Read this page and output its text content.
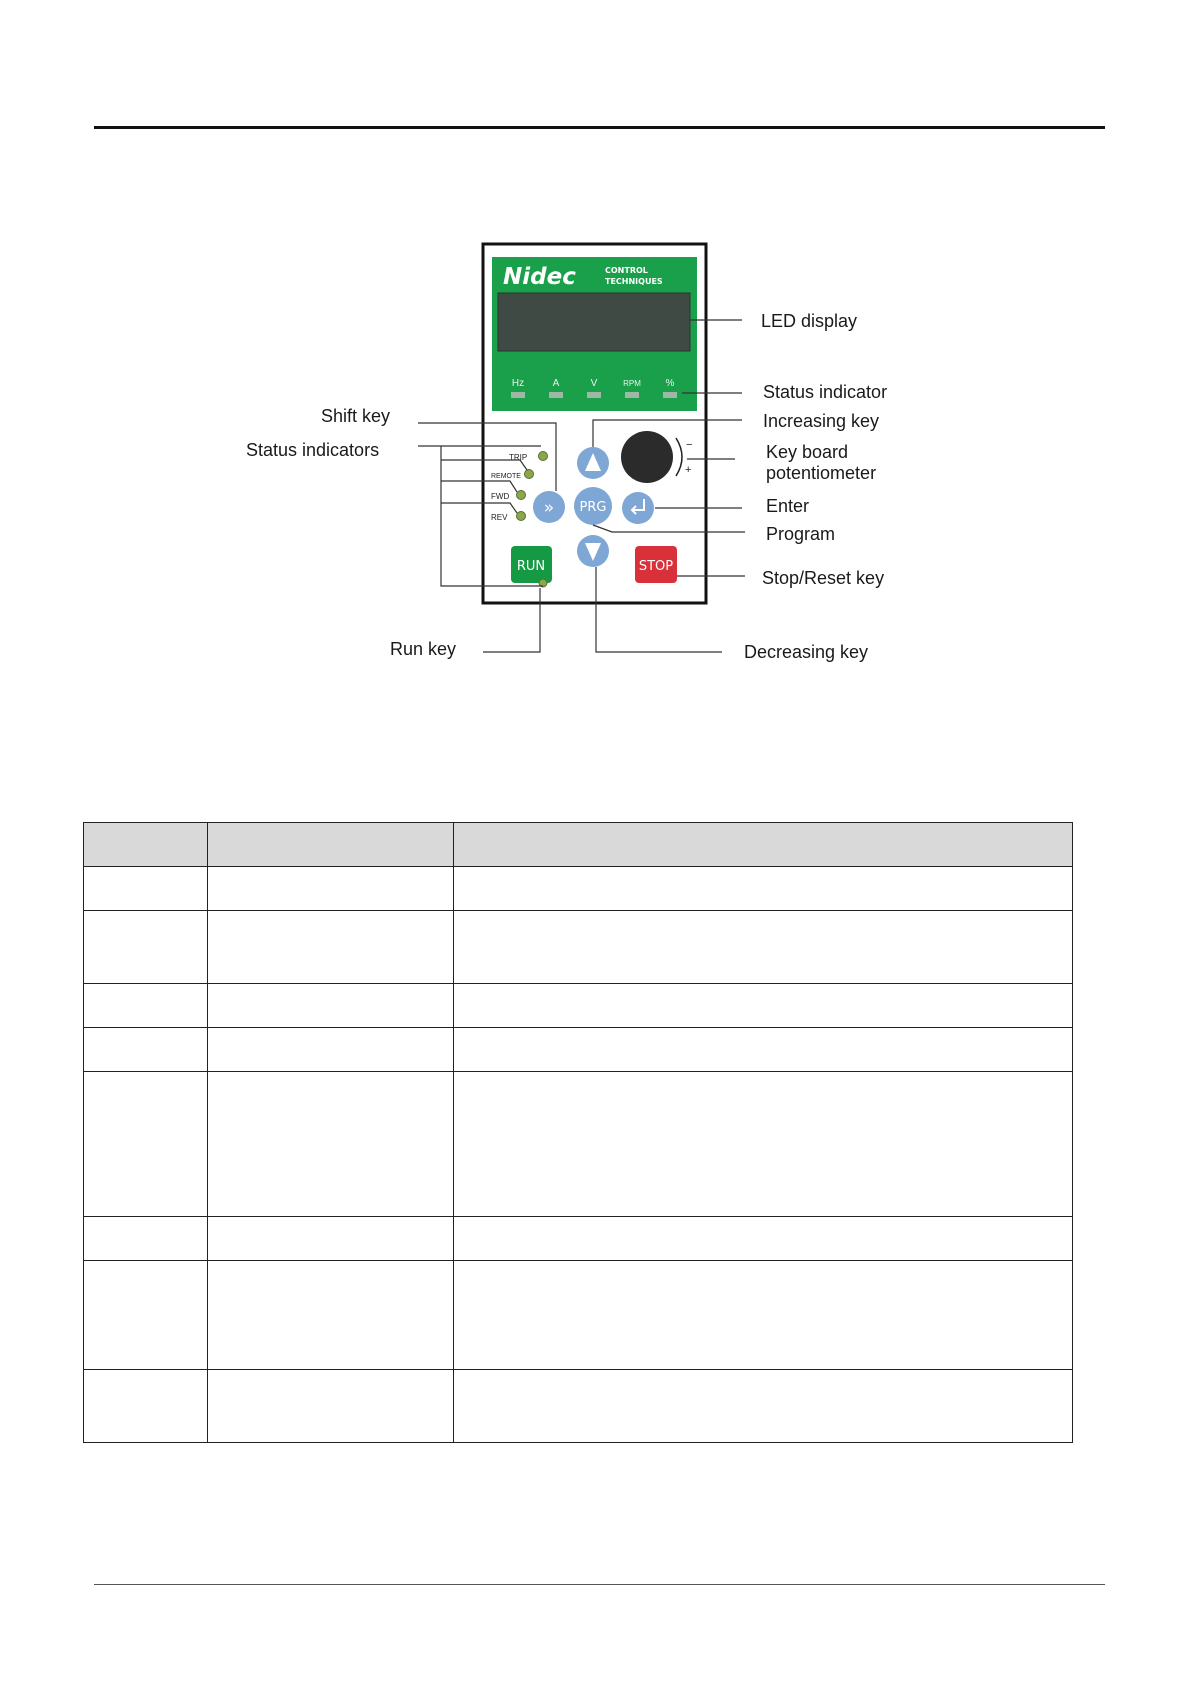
Nidec	CONTROL
TECHNIQUES
Hz	A	V	RPM %
TRIP
REMOTE
FWD
REV » PRG
−
+
RUN	STOP
LED display
Status indicator
Increasing key
Key board
potentiometer
Enter
Program
Stop/Reset key
Decreasing key
Run key
Shift key
Status indicators
